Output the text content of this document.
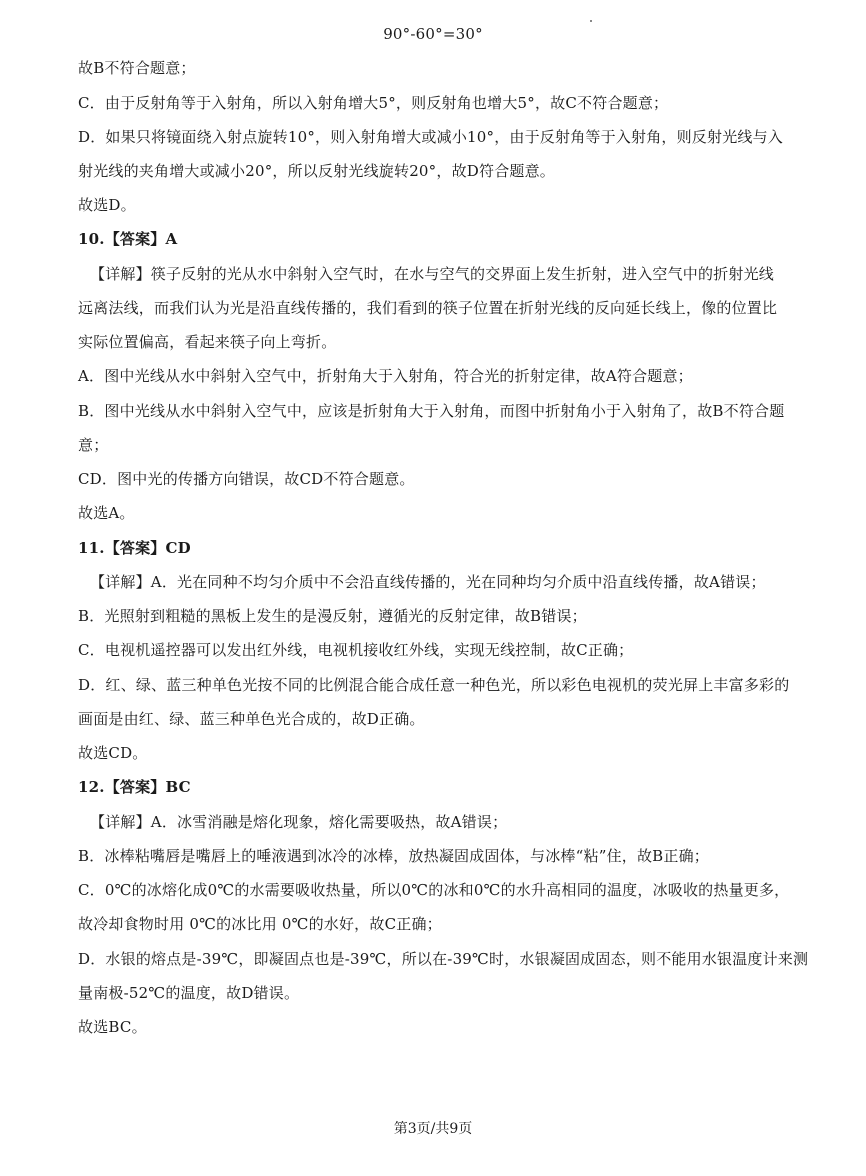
90°-60°=30°
故B不符合题意；
C．由于反射角等于入射角，所以入射角增大5°，则反射角也增大5°，故C不符合题意；
D．如果只将镜面绕入射点旋转10°，则入射角增大或减小10°，由于反射角等于入射角，则反射光线与入
射光线的夹角增大或减小20°，所以反射光线旋转20°，故D符合题意。
故选D。
10.【答案】A
【详解】筷子反射的光从水中斜射入空气时，在水与空气的交界面上发生折射，进入空气中的折射光线
远离法线，而我们认为光是沿直线传播的，我们看到的筷子位置在折射光线的反向延长线上，像的位置比
实际位置偏高，看起来筷子向上弯折。
A．图中光线从水中斜射入空气中，折射角大于入射角，符合光的折射定律，故A符合题意；
B．图中光线从水中斜射入空气中，应该是折射角大于入射角，而图中折射角小于入射角了，故B不符合题
意；
CD．图中光的传播方向错误，故CD不符合题意。
故选A。
11.【答案】CD
【详解】A．光在同种不均匀介质中不会沿直线传播的，光在同种均匀介质中沿直线传播，故A错误；
B．光照射到粗糙的黑板上发生的是漫反射，遵循光的反射定律，故B错误；
C．电视机遥控器可以发出红外线，电视机接收红外线，实现无线控制，故C正确；
D．红、绿、蓝三种单色光按不同的比例混合能合成任意一种色光，所以彩色电视机的荧光屏上丰富多彩的
画面是由红、绿、蓝三种单色光合成的，故D正确。
故选CD。
12.【答案】BC
【详解】A．冰雪消融是熔化现象，熔化需要吸热，故A错误；
B．冰棒粘嘴唇是嘴唇上的唾液遇到冰冷的冰棒，放热凝固成固体，与冰棒“粘”住，故B正确；
C．0℃的冰熔化成0℃的水需要吸收热量，所以0℃的冰和0℃的水升高相同的温度，冰吸收的热量更多，
故冷却食物时用 0℃的冰比用 0℃的水好，故C正确；
D．水银的熔点是-39℃，即凝固点也是-39℃，所以在-39℃时，水银凝固成固态，则不能用水银温度计来测
量南极-52℃的温度，故D错误。
故选BC。
第3页/共9页
